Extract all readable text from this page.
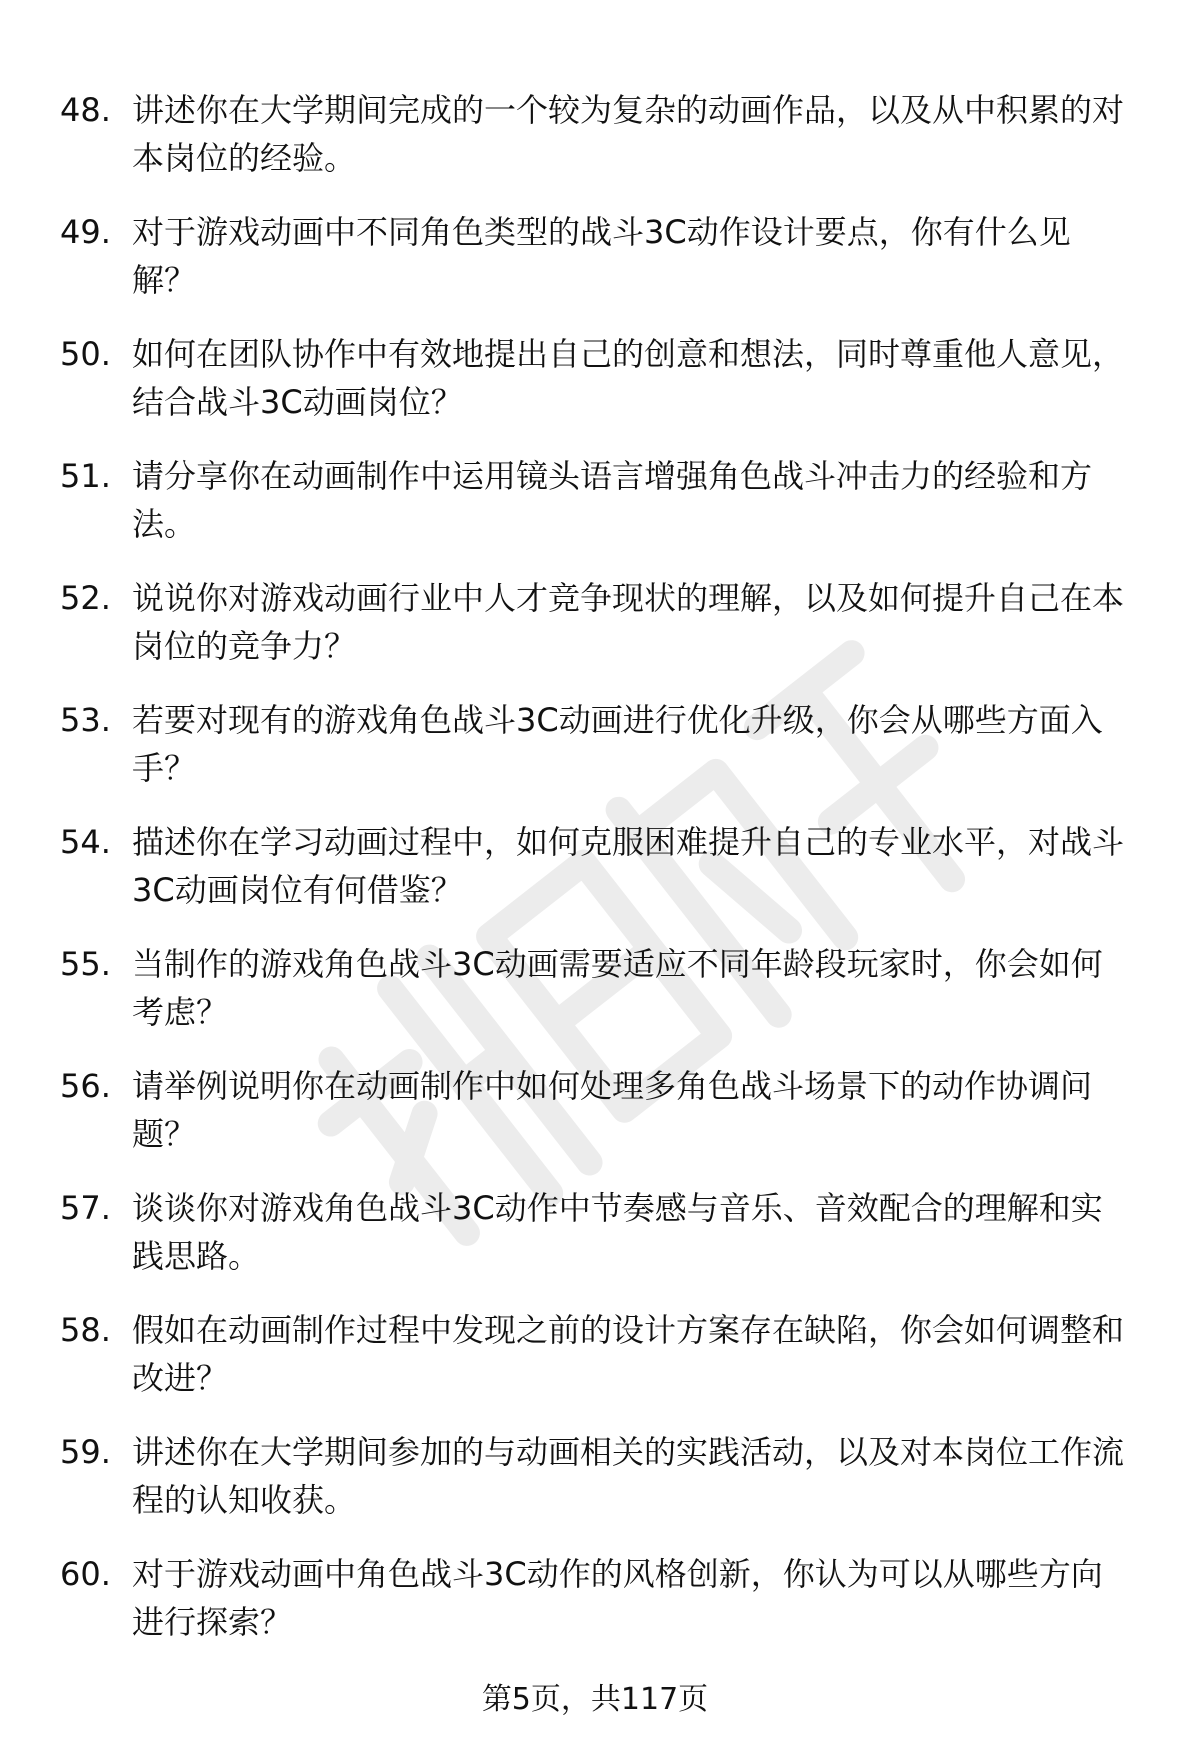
48. 讲述你在大学期间完成的一个较为复杂的动画作品，以及从中积累的对本岗位的经验。
49. 对于游戏动画中不同角色类型的战斗3C动作设计要点，你有什么见解？
50. 如何在团队协作中有效地提出自己的创意和想法，同时尊重他人意见，结合战斗3C动画岗位？
51. 请分享你在动画制作中运用镜头语言增强角色战斗冲击力的经验和方法。
52. 说说你对游戏动画行业中人才竞争现状的理解，以及如何提升自己在本岗位的竞争力？
53. 若要对现有的游戏角色战斗3C动画进行优化升级，你会从哪些方面入手？
54. 描述你在学习动画过程中，如何克服困难提升自己的专业水平，对战斗3C动画岗位有何借鉴？
55. 当制作的游戏角色战斗3C动画需要适应不同年龄段玩家时，你会如何考虑？
56. 请举例说明你在动画制作中如何处理多角色战斗场景下的动作协调问题？
57. 谈谈你对游戏角色战斗3C动作中节奏感与音乐、音效配合的理解和实践思路。
58. 假如在动画制作过程中发现之前的设计方案存在缺陷，你会如何调整和改进？
59. 讲述你在大学期间参加的与动画相关的实践活动，以及对本岗位工作流程的认知收获。
60. 对于游戏动画中角色战斗3C动作的风格创新，你认为可以从哪些方向进行探索？
第5页，共117页
